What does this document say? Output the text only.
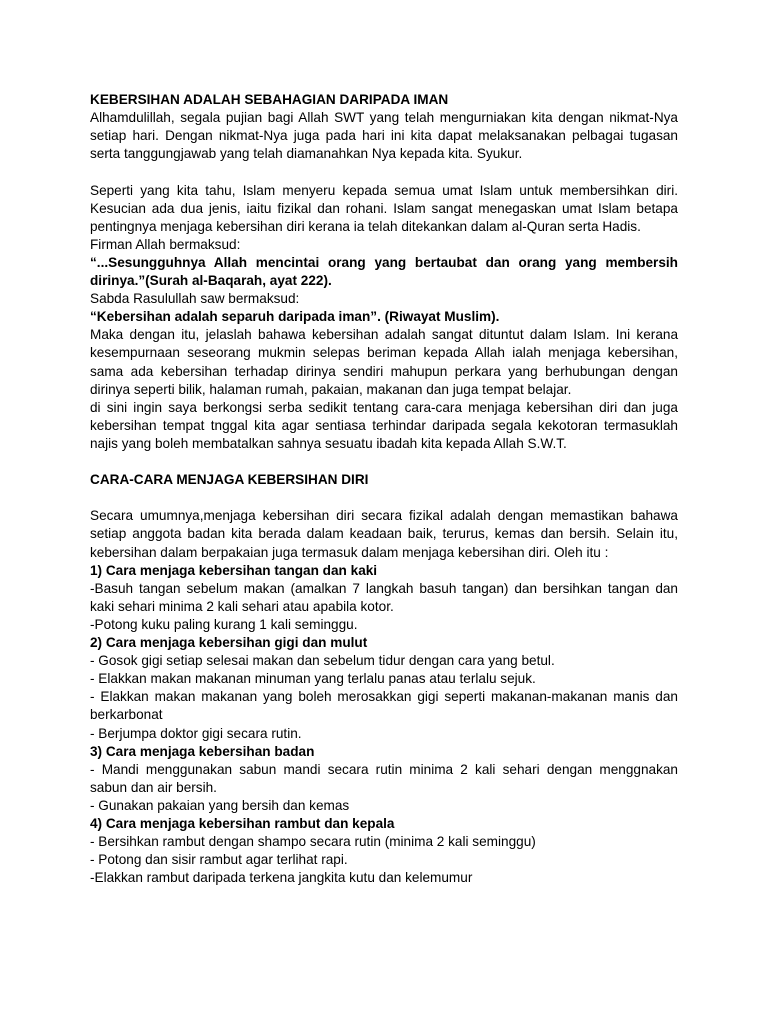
KEBERSIHAN ADALAH SEBAHAGIAN DARIPADA IMAN
Alhamdulillah, segala pujian bagi Allah SWT yang telah mengurniakan kita dengan nikmat-Nya
setiap hari. Dengan nikmat-Nya juga pada hari ini kita dapat melaksanakan pelbagai tugasan
serta tanggungjawab yang telah diamanahkan Nya kepada kita. Syukur.
Seperti yang kita tahu, Islam menyeru kepada semua umat Islam untuk membersihkan diri.
Kesucian ada dua jenis, iaitu fizikal dan rohani. Islam sangat menegaskan umat Islam betapa
pentingnya menjaga kebersihan diri kerana ia telah ditekankan dalam al-Quran serta Hadis.
Firman Allah bermaksud:
“...Sesungguhnya Allah mencintai orang yang bertaubat dan orang yang membersih
dirinya.”(Surah al-Baqarah, ayat 222).
Sabda Rasulullah saw bermaksud:
“Kebersihan adalah separuh daripada iman”. (Riwayat Muslim).
Maka dengan itu, jelaslah bahawa kebersihan adalah sangat dituntut dalam Islam. Ini kerana
kesempurnaan seseorang mukmin selepas beriman kepada Allah ialah menjaga kebersihan,
sama ada kebersihan terhadap dirinya sendiri mahupun perkara yang berhubungan dengan
dirinya seperti bilik, halaman rumah, pakaian, makanan dan juga tempat belajar.
di sini ingin saya berkongsi serba sedikit tentang cara-cara menjaga kebersihan diri dan juga
kebersihan tempat tnggal kita agar sentiasa terhindar daripada segala kekotoran termasuklah
najis yang boleh membatalkan sahnya sesuatu ibadah kita kepada Allah S.W.T.
CARA-CARA MENJAGA KEBERSIHAN DIRI
Secara umumnya,menjaga kebersihan diri secara fizikal adalah dengan memastikan bahawa
setiap anggota badan kita berada dalam keadaan baik, terurus, kemas dan bersih. Selain itu,
kebersihan dalam berpakaian juga termasuk dalam menjaga kebersihan diri. Oleh itu :
1) Cara menjaga kebersihan tangan dan kaki
-Basuh tangan sebelum makan (amalkan 7 langkah basuh tangan) dan bersihkan tangan dan
kaki sehari minima 2 kali sehari atau apabila kotor.
-Potong kuku paling kurang 1 kali seminggu.
2) Cara menjaga kebersihan gigi dan mulut
- Gosok gigi setiap selesai makan dan sebelum tidur dengan cara yang betul.
- Elakkan makan makanan minuman yang terlalu panas atau terlalu sejuk.
- Elakkan makan makanan yang boleh merosakkan gigi seperti makanan-makanan manis dan
berkarbonat
- Berjumpa doktor gigi secara rutin.
3) Cara menjaga kebersihan badan
- Mandi menggunakan sabun mandi secara rutin minima 2 kali sehari dengan menggnakan
sabun dan air bersih.
- Gunakan pakaian yang bersih dan kemas
4) Cara menjaga kebersihan rambut dan kepala
- Bersihkan rambut dengan shampo secara rutin (minima 2 kali seminggu)
- Potong dan sisir rambut agar terlihat rapi.
-Elakkan rambut daripada terkena jangkita kutu dan kelemumur
